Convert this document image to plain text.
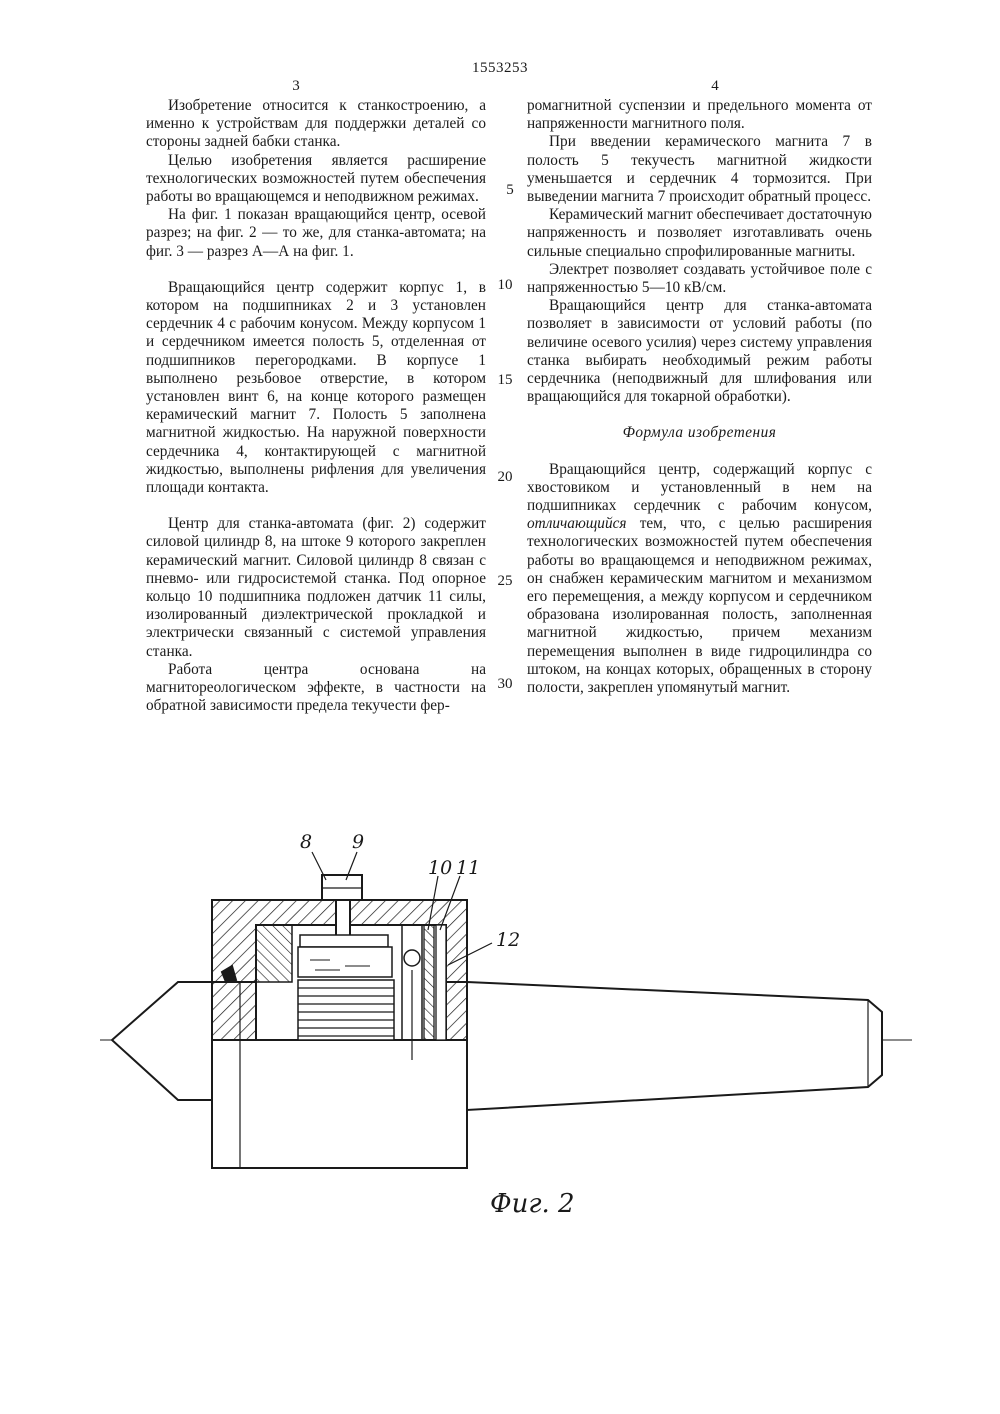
1553253
3	4

Изобретение относится к станкостроению, а именно к устройствам для поддержки деталей со стороны задней бабки станка.

Целью изобретения является расширение технологических возможностей путем обеспечения работы во вращающемся и неподвижном режимах.

На фиг. 1 показан вращающийся центр, осевой разрез; на фиг. 2 — то же, для станка-автомата; на фиг. 3 — разрез А—А на фиг. 1.

Вращающийся центр содержит корпус 1, в котором на подшипниках 2 и 3 установлен сердечник 4 с рабочим конусом. Между корпусом 1 и сердечником имеется полость 5, отделенная от подшипников перегородками. В корпусе 1 выполнено резьбовое отверстие, в котором установлен винт 6, на конце которого размещен керамический магнит 7. Полость 5 заполнена магнитной жидкостью. На наружной поверхности сердечника 4, контактирующей с магнитной жидкостью, выполнены рифления для увеличения площади контакта.

Центр для станка-автомата (фиг. 2) содержит силовой цилиндр 8, на штоке 9 которого закреплен керамический магнит. Силовой цилиндр 8 связан с пневмо- или гидросистемой станка. Под опорное кольцо 10 подшипника подложен датчик 11 силы, изолированный диэлектрической прокладкой и электрически связанный с системой управления станка.

Работа центра основана на магнитореологическом эффекте, в частности на обратной зависимости предела текучести фер-

ромагнитной суспензии и предельного момента от напряженности магнитного поля.

При введении керамического магнита 7 в полость 5 текучесть магнитной жидкости уменьшается и сердечник 4 тормозится. При выведении магнита 7 происходит обратный процесс.

Керамический магнит обеспечивает достаточную напряженность и позволяет изготавливать очень сильные специально спрофилированные магниты.

Электрет позволяет создавать устойчивое поле с напряженностью 5—10 кВ/см.

Вращающийся центр для станка-автомата позволяет в зависимости от условий работы (по величине осевого усилия) через систему управления станка выбирать необходимый режим работы сердечника (неподвижный для шлифования или вращающийся для токарной обработки).

Формула изобретения

Вращающийся центр, содержащий корпус с хвостовиком и установленный в нем на подшипниках сердечник с рабочим конусом, отличающийся тем, что, с целью расширения технологических возможностей путем обеспечения работы во вращающемся и неподвижном режимах, он снабжен керамическим магнитом и механизмом его перемещения, а между корпусом и сердечником образована изолированная полость, заполненная магнитной жидкостью, причем механизм перемещения выполнен в виде гидроцилиндра со штоком, на концах которых, обращенных в сторону полости, закреплен упомянутый магнит.

5
10
15
20
25
30
8 9
10 11
12
Фиг. 2
